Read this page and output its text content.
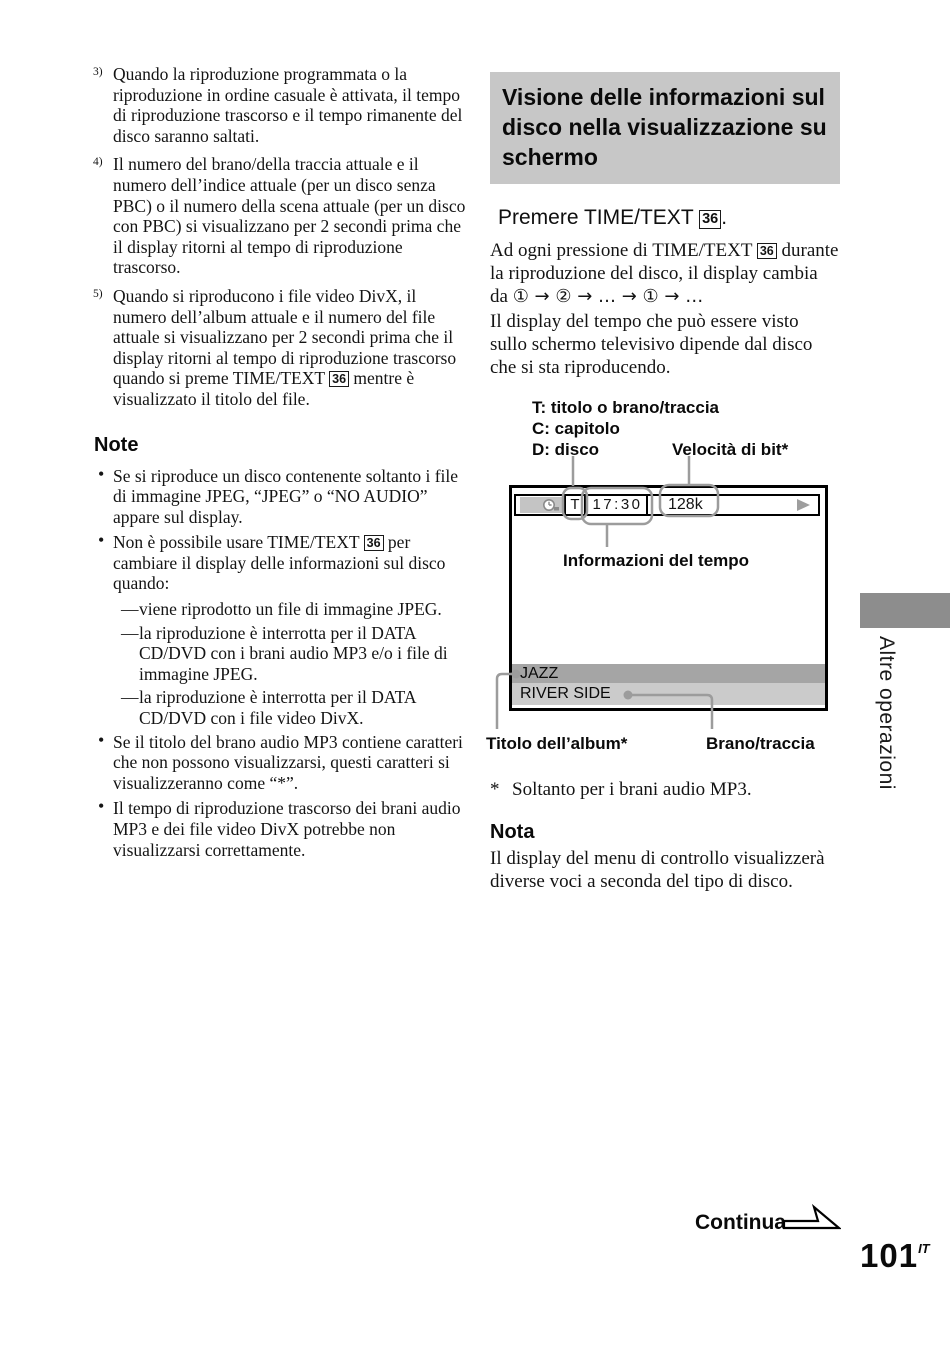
3) Quando la riproduzione programmata o la riproduzione in ordine casuale è attivata, il tempo di riproduzione trascorso e il tempo rimanente del disco saranno saltati.
4) Il numero del brano/della traccia attuale e il numero dell’indice attuale (per un disco senza PBC) o il numero della scena attuale (per un disco con PBC) si visualizzano per 2 secondi prima che il display ritorni al tempo di riproduzione trascorso.
5) Quando si riproducono i file video DivX, il numero dell’album attuale e il numero del file attuale si visualizzano per 2 secondi prima che il display ritorni al tempo di riproduzione trascorso quando si preme TIME/TEXT 36 mentre è visualizzato il titolo del file.
Note
• Se si riproduce un disco contenente soltanto i file di immagine JPEG, “JPEG” o “NO AUDIO” appare sul display.
• Non è possibile usare TIME/TEXT 36 per cambiare il display delle informazioni sul disco quando:
— viene riprodotto un file di immagine JPEG.
— la riproduzione è interrotta per il DATA CD/DVD con i brani audio MP3 e/o i file di immagine JPEG.
— la riproduzione è interrotta per il DATA CD/DVD con i file video DivX.
• Se il titolo del brano audio MP3 contiene caratteri che non possono visualizzarsi, questi caratteri si visualizzeranno come “*”.
• Il tempo di riproduzione trascorso dei brani audio MP3 e dei file video DivX potrebbe non visualizzarsi correttamente.
Visione delle informazioni sul
disco nella visualizzazione su
schermo
Premere TIME/TEXT 36 .
Ad ogni pressione di TIME/TEXT 36 durante la riproduzione del disco, il display cambia da ① → ② → … → ① → …
Il display del tempo che può essere visto sullo schermo televisivo dipende dal disco che si sta riproducendo.
T: titolo o brano/traccia
C: capitolo
D: disco	Velocità di bit*
T 17:30	128k
JAZZ
RIVER SIDE
Informazioni del tempo
Titolo dell’album*	Brano/traccia
* Soltanto per i brani audio MP3.
Nota
Il display del menu di controllo visualizzerà diverse voci a seconda del tipo di disco.
Altre operazioni
Continua
$101^{IT}$
